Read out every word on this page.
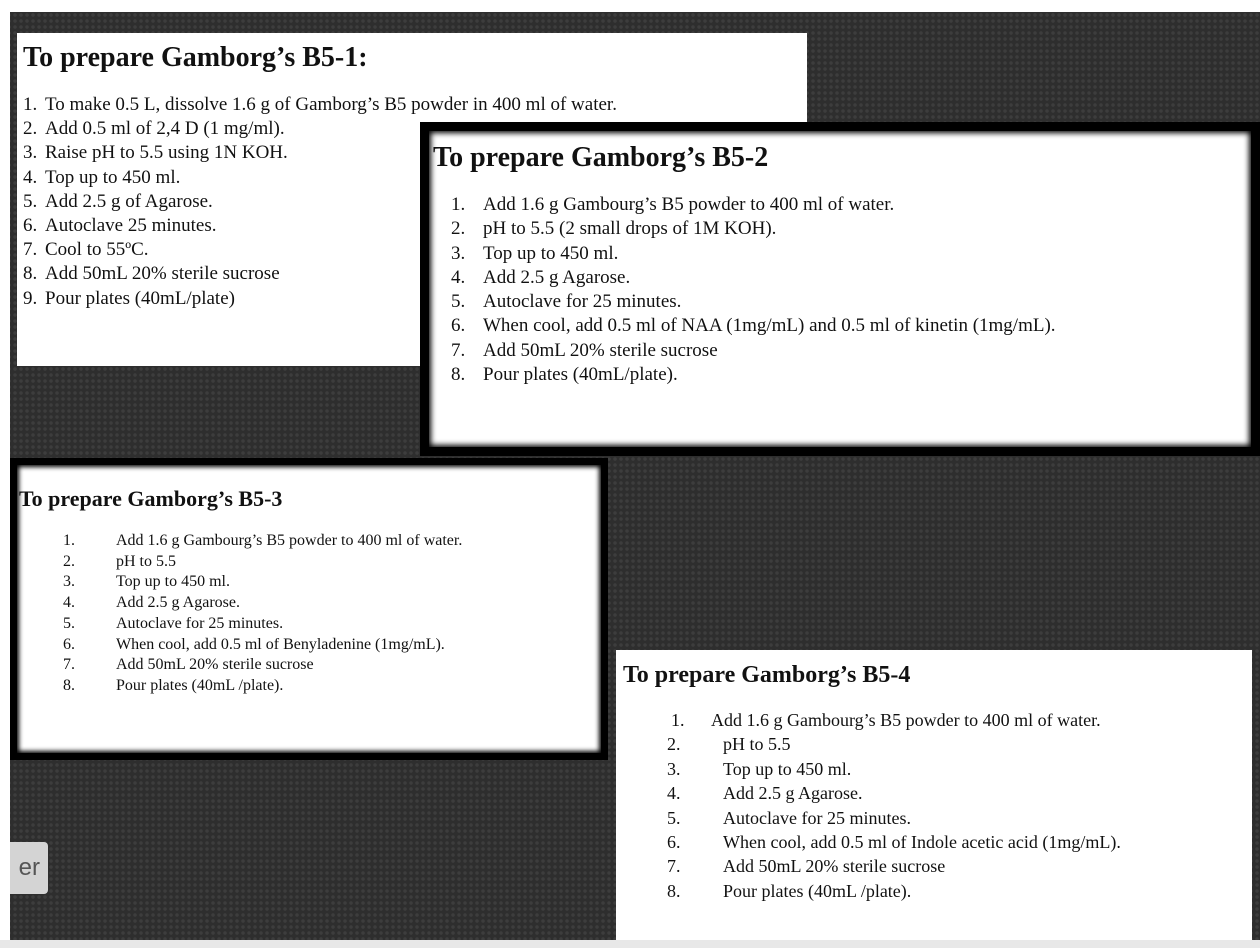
To prepare Gamborg’s B5-1:
1. To make 0.5 L, dissolve 1.6 g of Gamborg’s B5 powder in 400 ml of water.
2. Add 0.5 ml of 2,4 D (1 mg/ml).
3. Raise pH to 5.5 using 1N KOH.
4. Top up to 450 ml.
5. Add 2.5 g of Agarose.
6. Autoclave 25 minutes.
7. Cool to 55ºC.
8. Add 50mL 20% sterile sucrose
9. Pour plates (40mL/plate)
To prepare Gamborg’s B5-2
1. Add 1.6 g Gambourg’s B5 powder to 400 ml of water.
2. pH to 5.5 (2 small drops of 1M KOH).
3. Top up to 450 ml.
4. Add 2.5 g Agarose.
5. Autoclave for 25 minutes.
6. When cool, add 0.5 ml of NAA (1mg/mL) and 0.5 ml of kinetin (1mg/mL).
7. Add 50mL 20% sterile sucrose
8. Pour plates (40mL/plate).
To prepare Gamborg’s B5-3
1.	Add 1.6 g Gambourg’s B5 powder to 400 ml of water.
2.	pH to 5.5
3.	Top up to 450 ml.
4.	Add 2.5 g Agarose.
5.	Autoclave for 25 minutes.
6.	When cool, add 0.5 ml of Benyladenine (1mg/mL).
7.	Add 50mL 20% sterile sucrose
8.	Pour plates (40mL /plate).	To prepare Gamborg’s B5-4
1.	Add 1.6 g Gambourg’s B5 powder to 400 ml of water.
2.	pH to 5.5
3.	Top up to 450 ml.
4.	Add 2.5 g Agarose.
5.	Autoclave for 25 minutes.
6.	When cool, add 0.5 ml of Indole acetic acid (1mg/mL).
7.	Add 50mL 20% sterile sucrose
8.	Pour plates (40mL /plate).
er
